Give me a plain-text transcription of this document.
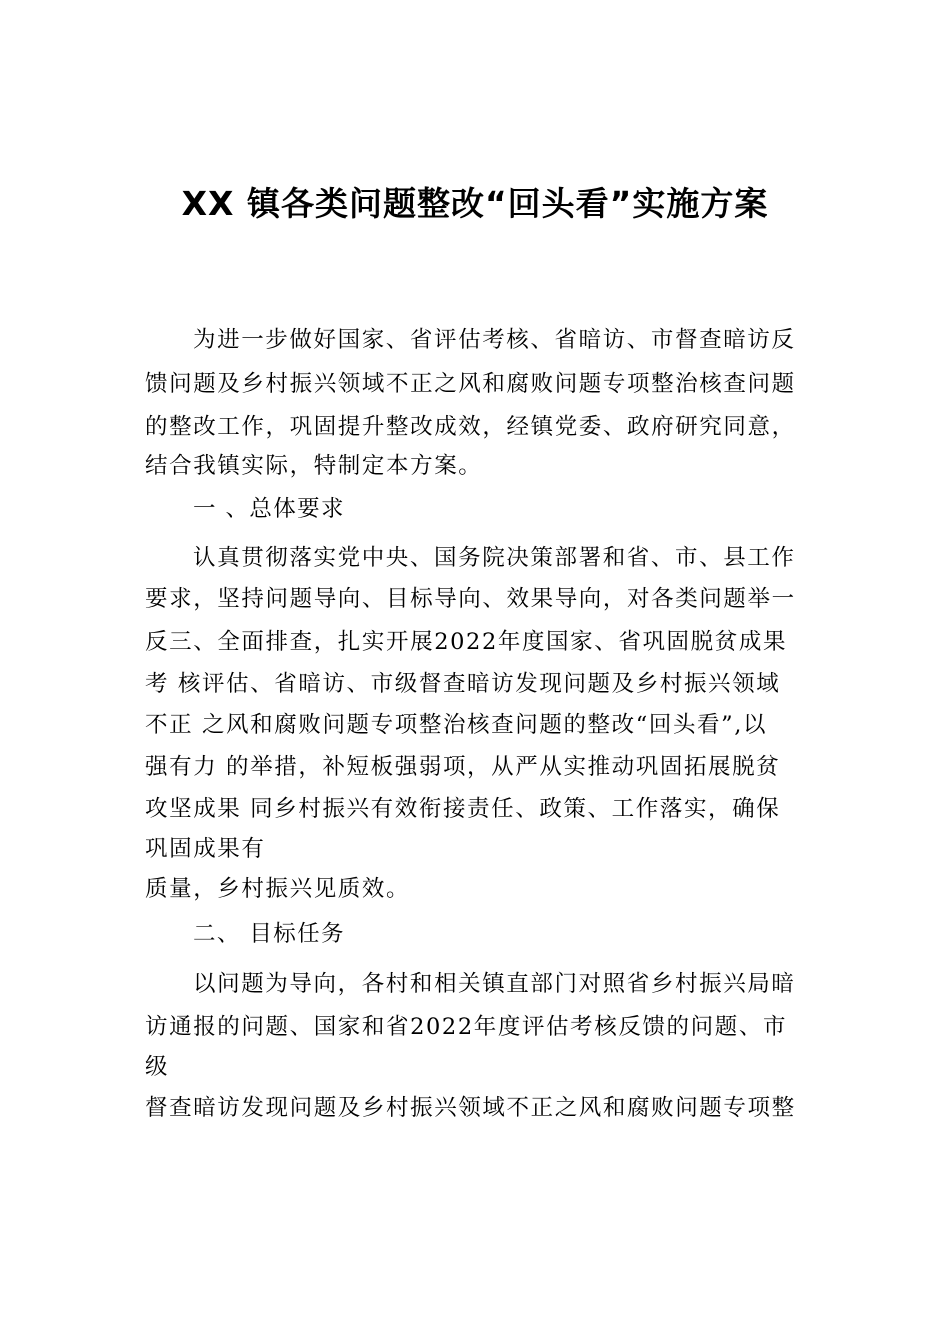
XX 镇各类问题整改“回头看”实施方案
为进一步做好国家、省评估考核、省暗访、市督查暗访反
馈问题及乡村振兴领域不正之风和腐败问题专项整治核查问题
的整改工作，巩固提升整改成效，经镇党委、政府研究同意，
结合我镇实际，特制定本方案。
一 、总体要求
认真贯彻落实党中央、国务院决策部署和省、市、县工作
要求，坚持问题导向、目标导向、效果导向，对各类问题举一
反三、全面排查，扎实开展2022年度国家、省巩固脱贫成果
考 核评估、省暗访、市级督查暗访发现问题及乡村振兴领域
不正 之风和腐败问题专项整治核查问题的整改“回头看”,以
强有力 的举措，补短板强弱项，从严从实推动巩固拓展脱贫
攻坚成果 同乡村振兴有效衔接责任、政策、工作落实，确保
巩固成果有
质量，乡村振兴见质效。
二、 目标任务
以问题为导向，各村和相关镇直部门对照省乡村振兴局暗
访通报的问题、国家和省2022年度评估考核反馈的问题、市
级
督查暗访发现问题及乡村振兴领域不正之风和腐败问题专项整
